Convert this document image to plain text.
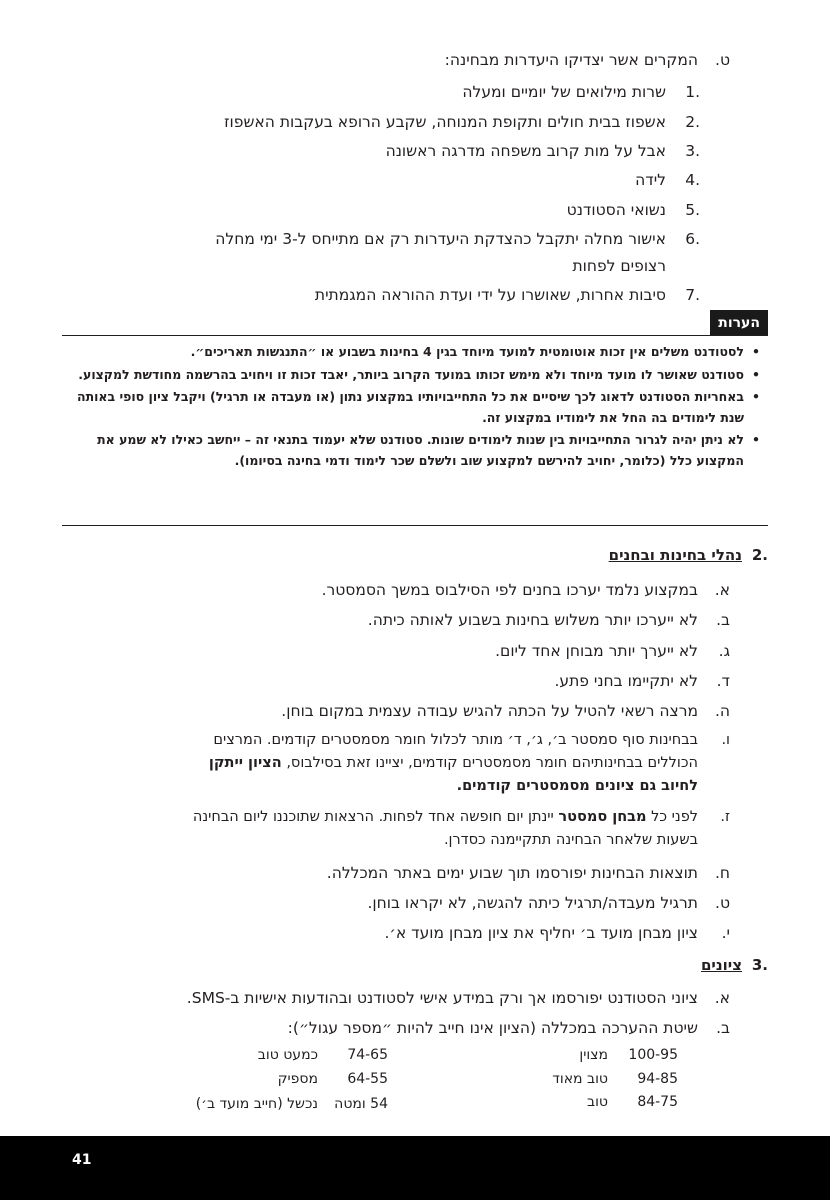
ט.המקרים אשר יצדיקו היעדרות מבחינה:
.1שרות מילואים של יומיים ומעלה
.2אשפוז בבית חולים ותקופת המנוחה, שקבע הרופא בעקבות האשפוז
.3אבל על מות קרוב משפחה מדרגה ראשונה
.4לידה
.5נשואי הסטודנט
.6אישור מחלה יתקבל כהצדקת היעדרות רק אם מתייחס ל-3 ימי מחלה
רצופים לפחות
.7סיבות אחרות, שאושרו על ידי ועדת ההוראה המגמתית
הערות
•
לסטודנט משלים אין זכות אוטומטית למועד מיוחד בגין 4 בחינות בשבוע או ״התנגשות תאריכים״.
•
סטודנט שאושר לו מועד מיוחד ולא מימש זכותו במועד הקרוב ביותר, יאבד זכות זו ויחויב בהרשמה מחודשת למקצוע.
•
באחריות הסטודנט לדאוג לכך שיסיים את כל התחייבויותיו במקצוע נתון (או מעבדה או תרגיל) ויקבל ציון סופי באותה שנת לימודים בה החל את לימודיו במקצוע זה.
•
לא ניתן יהיה לגרור התחייבויות בין שנות לימודים שונות. סטודנט שלא יעמוד בתנאי זה – ייחשב כאילו לא שמע את המקצוע כלל (כלומר, יחויב להירשם למקצוע שוב ולשלם שכר לימוד ודמי בחינה בסיומו).
.2נהלי בחינות ובחנים
א.במקצוע נלמד יערכו בחנים לפי הסילבוס במשך הסמסטר.
ב.לא ייערכו יותר משלוש בחינות בשבוע לאותה כיתה.
ג.לא ייערך יותר מבוחן אחד ליום.
ד.לא יתקיימו בחני פתע.
ה.מרצה רשאי להטיל על הכתה להגיש עבודה עצמית במקום בוחן.
ו.בבחינות סוף סמסטר ב׳, ג׳, ד׳ מותר לכלול חומר מסמסטרים קודמים. המרצים
הכוללים בבחינותיהם חומר מסמסטרים קודמים, יציינו זאת בסילבוס, הציון ייתקן
לחיוב גם ציונים מסמסטרים קודמים.
ז.לפני כל מבחן סמסטר יינתן יום חופשה אחד לפחות. הרצאות שתוכננו ליום הבחינה
בשעות שלאחר הבחינה תתקיימנה כסדרן.
ח.תוצאות הבחינות יפורסמו תוך שבוע ימים באתר המכללה.
ט.תרגיל מעבדה/תרגיל כיתה להגשה, לא יקראו בוחן.
י.ציון מבחן מועד ב׳ יחליף את ציון מבחן מועד א׳.
.3ציונים
א.ציוני הסטודנט יפורסמו אך ורק במידע אישי לסטודנט ובהודעות אישיות ב-SMS.
ב.שיטת ההערכה במכללה (הציון אינו חייב להיות ״מספר עגול״):
100-95מצוין
94-85טוב מאוד
84-75טוב
74-65כמעט טוב
64-55מספיק
54 ומטהנכשל (חייב מועד ב׳)
41
